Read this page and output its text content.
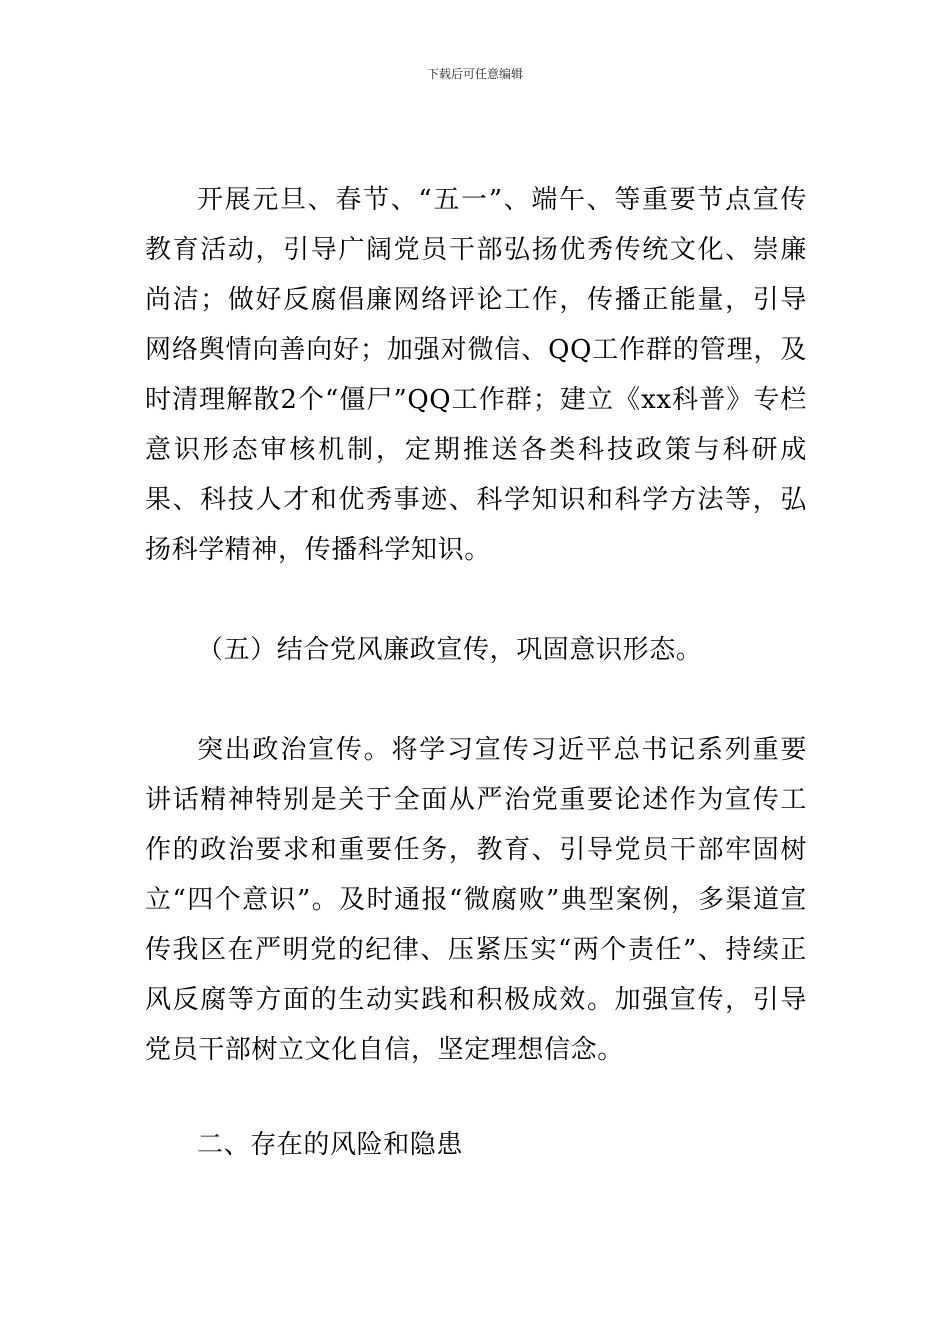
下载后可任意编辑

开展元旦、春节、“五一”、端午、等重要节点宣传教育活动，引导广阔党员干部弘扬优秀传统文化、崇廉尚洁；做好反腐倡廉网络评论工作，传播正能量，引导网络舆情向善向好；加强对微信、QQ工作群的管理，及时清理解散2个“僵尸”QQ工作群；建立《xx科普》专栏意识形态审核机制，定期推送各类科技政策与科研成果、科技人才和优秀事迹、科学知识和科学方法等，弘扬科学精神，传播科学知识。

（五）结合党风廉政宣传，巩固意识形态。

突出政治宣传。将学习宣传习近平总书记系列重要讲话精神特别是关于全面从严治党重要论述作为宣传工作的政治要求和重要任务，教育、引导党员干部牢固树立“四个意识”。及时通报“微腐败”典型案例，多渠道宣传我区在严明党的纪律、压紧压实“两个责任”、持续正风反腐等方面的生动实践和积极成效。加强宣传，引导党员干部树立文化自信，坚定理想信念。

二、存在的风险和隐患
